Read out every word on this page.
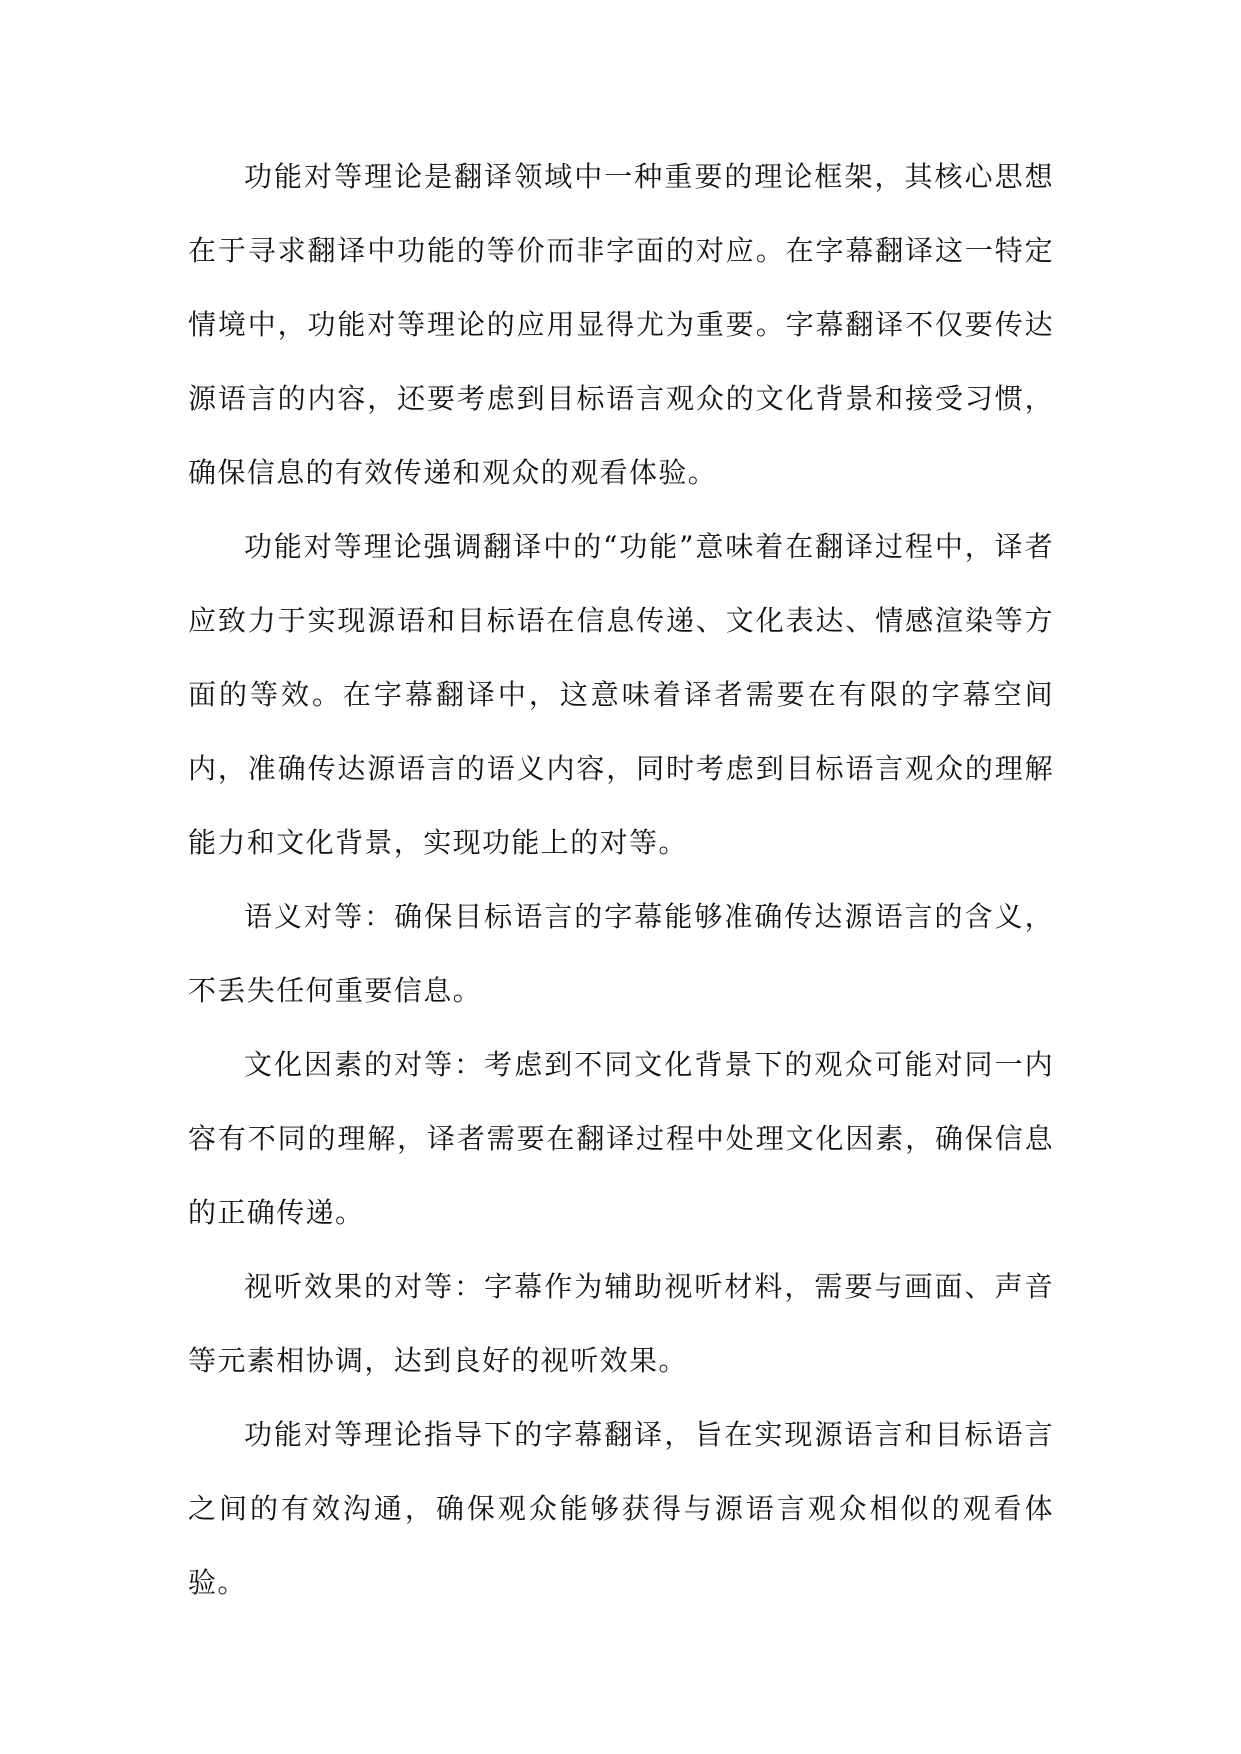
功能对等理论是翻译领域中一种重要的理论框架，其核心思想在于寻求翻译中功能的等价而非字面的对应。在字幕翻译这一特定情境中，功能对等理论的应用显得尤为重要。字幕翻译不仅要传达源语言的内容，还要考虑到目标语言观众的文化背景和接受习惯，确保信息的有效传递和观众的观看体验。

功能对等理论强调翻译中的“功能”意味着在翻译过程中，译者应致力于实现源语和目标语在信息传递、文化表达、情感渲染等方面的等效。在字幕翻译中，这意味着译者需要在有限的字幕空间内，准确传达源语言的语义内容，同时考虑到目标语言观众的理解能力和文化背景，实现功能上的对等。

语义对等：确保目标语言的字幕能够准确传达源语言的含义，不丢失任何重要信息。

文化因素的对等：考虑到不同文化背景下的观众可能对同一内容有不同的理解，译者需要在翻译过程中处理文化因素，确保信息的正确传递。

视听效果的对等：字幕作为辅助视听材料，需要与画面、声音等元素相协调，达到良好的视听效果。

功能对等理论指导下的字幕翻译，旨在实现源语言和目标语言之间的有效沟通，确保观众能够获得与源语言观众相似的观看体验。
